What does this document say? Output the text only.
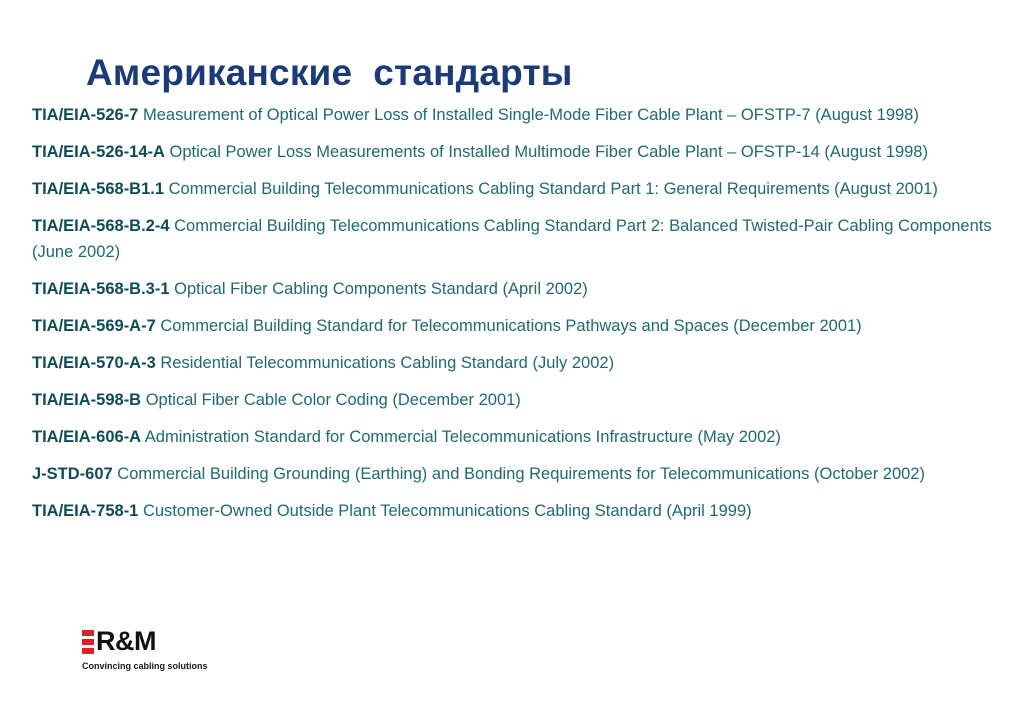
Американские  стандарты
TIA/EIA-526-7 Measurement of Optical Power Loss of Installed Single-Mode Fiber Cable Plant – OFSTP-7 (August 1998)
TIA/EIA-526-14-A Optical Power Loss Measurements of Installed Multimode Fiber Cable Plant – OFSTP-14 (August 1998)
TIA/EIA-568-B1.1 Commercial Building Telecommunications Cabling Standard Part 1: General Requirements (August 2001)
TIA/EIA-568-B.2-4 Commercial Building Telecommunications Cabling Standard Part 2: Balanced Twisted-Pair Cabling Components (June 2002)
TIA/EIA-568-B.3-1 Optical Fiber Cabling Components Standard (April 2002)
TIA/EIA-569-A-7 Commercial Building Standard for Telecommunications Pathways and Spaces (December 2001)
TIA/EIA-570-A-3 Residential Telecommunications Cabling Standard (July 2002)
TIA/EIA-598-B Optical Fiber Cable Color Coding (December 2001)
TIA/EIA-606-A Administration Standard for Commercial Telecommunications Infrastructure (May 2002)
J-STD-607 Commercial Building Grounding (Earthing) and Bonding Requirements for Telecommunications (October 2002)
TIA/EIA-758-1 Customer-Owned Outside Plant Telecommunications Cabling Standard (April 1999)
R&M
Convincing cabling solutions
